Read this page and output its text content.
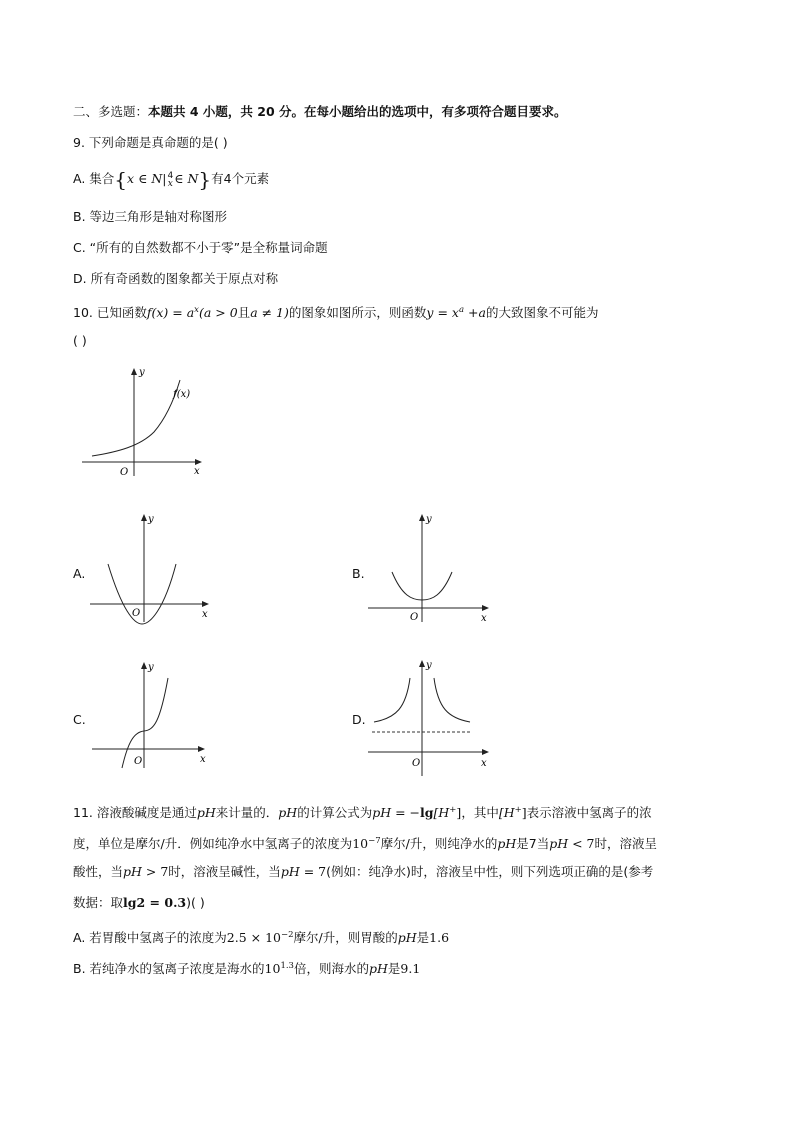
二、多选题：本题共 4 小题，共 20 分。在每小题给出的选项中，有多项符合题目要求。
9. 下列命题是真命题的是( )
A. 集合{x ∈ N|4
x∈ N}有4个元素
B. 等边三角形是轴对称图形
C. “所有的自然数都不小于零”是全称量词命题
D. 所有奇函数的图象都关于原点对称
10. 已知函数$f(x) = a^x(a > 0$且a ≠ 1)的图象如图所示，则函数$y = x^a +a$的大致图象不可能为
( )
y
x
O
f(x)
A.
y
x
O
B.
y
x
O
C.
y
x
O
D.
y
x
O
11. 溶液酸碱度是通过pH来计量的．pH的计算公式为pH = −lg[H+]，其中[H+]表示溶液中氢离子的浓
度，单位是摩尔/升．例如纯净水中氢离子的浓度为$10^{-7}$摩尔/升，则纯净水的pH是7当pH < 7时，溶液呈
酸性，当pH > 7时，溶液呈碱性，当pH = 7(例如：纯净水)时，溶液呈中性，则下列选项正确的是(参考
数据：取lg2 = 0.3)( )
A. 若胃酸中氢离子的浓度为$2.5 \times 10^{-2}$摩尔/升，则胃酸的pH是1.6
B. 若纯净水的氢离子浓度是海水的$10^{1.3}$倍，则海水的pH是9.1
